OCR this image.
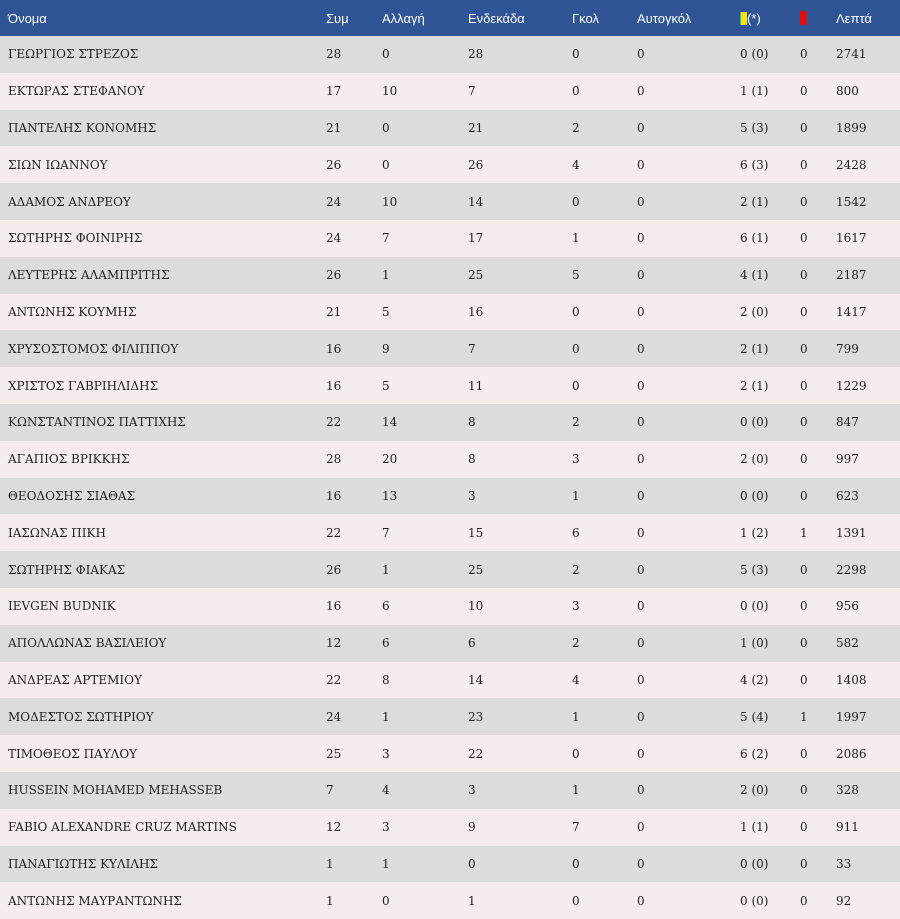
Όνομα	Συμ	Αλλαγή	Ενδεκάδα	Γκολ	Αυτογκόλ	(*)		Λεπτά
ΓΕΩΡΓΙΟΣ ΣΤΡΕΖΟΣ	28	0	28	0	0	0 (0)	0	2741
ΕΚΤΩΡΑΣ ΣΤΕΦΑΝΟΥ	17	10	7	0	0	1 (1)	0	800
ΠΑΝΤΕΛΗΣ ΚΟΝΟΜΗΣ	21	0	21	2	0	5 (3)	0	1899
ΣΙΩΝ ΙΩΑΝΝΟΥ	26	0	26	4	0	6 (3)	0	2428
ΑΔΑΜΟΣ ΑΝΔΡΕΟΥ	24	10	14	0	0	2 (1)	0	1542
ΣΩΤΗΡΗΣ ΦΟΙΝΙΡΗΣ	24	7	17	1	0	6 (1)	0	1617
ΛΕΥΤΕΡΗΣ ΑΛΑΜΠΡΙΤΗΣ	26	1	25	5	0	4 (1)	0	2187
ΑΝΤΩΝΗΣ ΚΟΥΜΗΣ	21	5	16	0	0	2 (0)	0	1417
ΧΡΥΣΟΣΤΟΜΟΣ ΦΙΛΙΠΠΟΥ	16	9	7	0	0	2 (1)	0	799
ΧΡΙΣΤΟΣ ΓΑΒΡΙΗΛΙΔΗΣ	16	5	11	0	0	2 (1)	0	1229
ΚΩΝΣΤΑΝΤΙΝΟΣ ΠΑΤΤΙΧΗΣ	22	14	8	2	0	0 (0)	0	847
ΑΓΑΠΙΟΣ ΒΡΙΚΚΗΣ	28	20	8	3	0	2 (0)	0	997
ΘΕΟΔΟΣΗΣ ΣΙΑΘΑΣ	16	13	3	1	0	0 (0)	0	623
ΙΑΣΩΝΑΣ ΠΙΚΗ	22	7	15	6	0	1 (2)	1	1391
ΣΩΤΗΡΗΣ ΦΙΑΚΑΣ	26	1	25	2	0	5 (3)	0	2298
IEVGEN BUDNIK	16	6	10	3	0	0 (0)	0	956
ΑΠΟΛΛΩΝΑΣ ΒΑΣΙΛΕΙΟΥ	12	6	6	2	0	1 (0)	0	582
ΑΝΔΡΕΑΣ ΑΡΤΕΜΙΟΥ	22	8	14	4	0	4 (2)	0	1408
ΜΟΔΕΣΤΟΣ ΣΩΤΗΡΙΟΥ	24	1	23	1	0	5 (4)	1	1997
ΤΙΜΟΘΕΟΣ ΠΑΥΛΟΥ	25	3	22	0	0	6 (2)	0	2086
HUSSEIN MOHAMED MEHASSEB	7	4	3	1	0	2 (0)	0	328
FABIO ALEXANDRE CRUZ MARTINS	12	3	9	7	0	1 (1)	0	911
ΠΑΝΑΓΙΩΤΗΣ ΚΥΛΙΛΗΣ	1	1	0	0	0	0 (0)	0	33
ΑΝΤΩΝΗΣ ΜΑΥΡΑΝΤΩΝΗΣ	1	0	1	0	0	0 (0)	0	92
